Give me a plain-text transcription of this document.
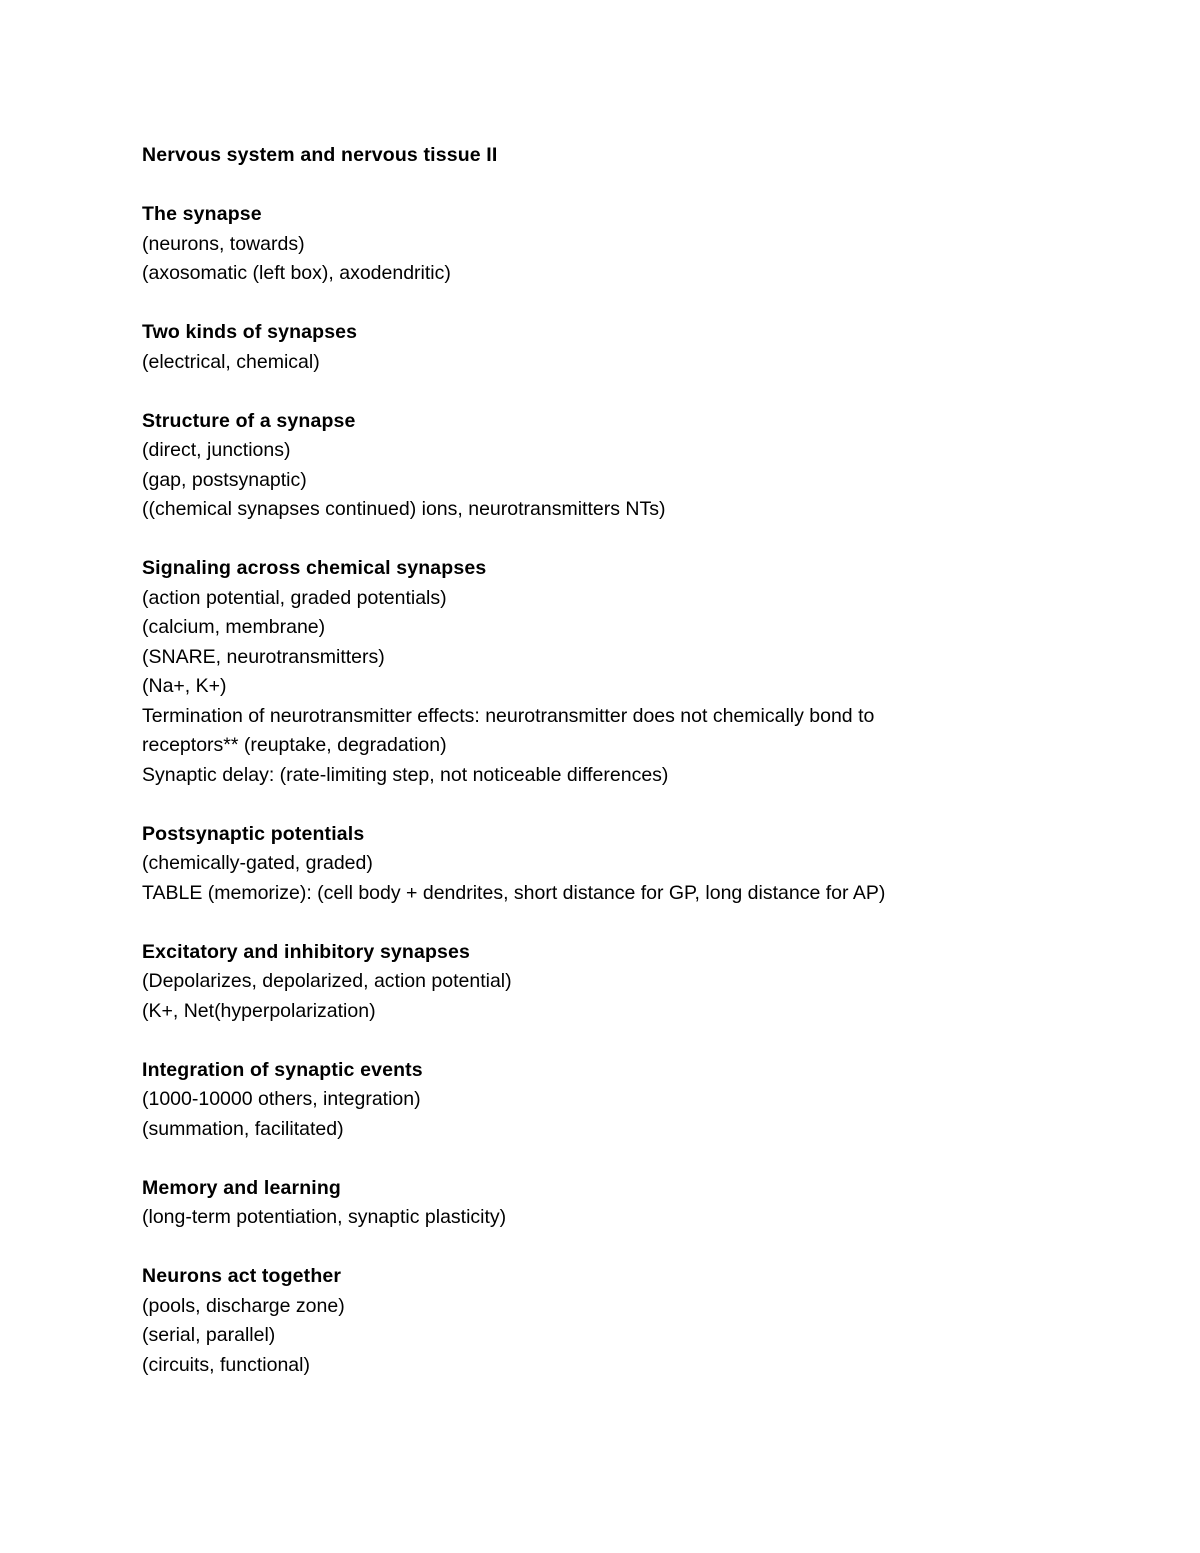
Nervous system and nervous tissue II
The synapse
(neurons, towards)
(axosomatic (left box), axodendritic)
Two kinds of synapses
(electrical, chemical)
Structure of a synapse
(direct, junctions)
(gap, postsynaptic)
((chemical synapses continued) ions, neurotransmitters NTs)
Signaling across chemical synapses
(action potential, graded potentials)
(calcium, membrane)
(SNARE, neurotransmitters)
(Na+, K+)
Termination of neurotransmitter effects: neurotransmitter does not chemically bond to
receptors** (reuptake, degradation)
Synaptic delay: (rate-limiting step, not noticeable differences)
Postsynaptic potentials
(chemically-gated, graded)
TABLE (memorize): (cell body + dendrites, short distance for GP, long distance for AP)
Excitatory and inhibitory synapses
(Depolarizes, depolarized, action potential)
(K+, Net(hyperpolarization)
Integration of synaptic events
(1000-10000 others, integration)
(summation, facilitated)
Memory and learning
(long-term potentiation, synaptic plasticity)
Neurons act together
(pools, discharge zone)
(serial, parallel)
(circuits, functional)
